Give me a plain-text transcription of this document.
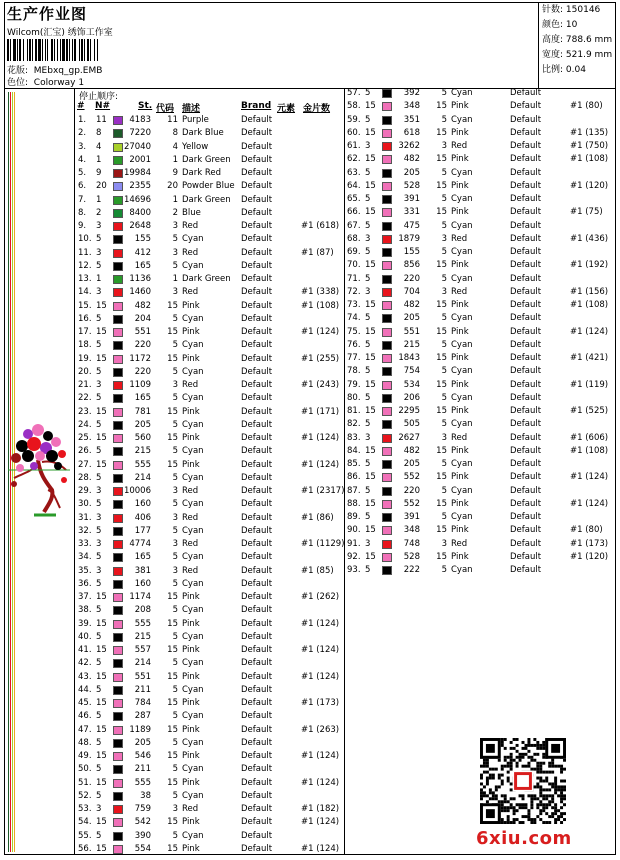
生产作业图
Wilcom(汇宝) 绣饰工作室
花版: MEbxq_gp.EMB
色位: Colorway 1
针数: 150146
颜色: 10
高度: 788.6 mm
宽度: 521.9 mm
比例: 0.04
停止顺序:
# N#	St. 代码 描述	Brand 元素 金片数
1. 11	4183	11 Purple	Default
2. 8	7220	8 Dark Blue Default
3. 4	27040	4 Yellow	Default
4. 1	2001	1 Dark Green Default
5. 9	19984	9 Dark Red Default
6. 20	2355	20 Powder Blue Default
7. 1	14696	1 Dark Green Default
8. 2	8400	2 Blue	Default
9. 3	2648	3 Red	Default	#1 (618)
10. 5	155	5 Cyan	Default
11. 3	412	3 Red	Default	#1 (87)
12. 5	165	5 Cyan	Default
13. 1	1136	1 Dark Green Default
14. 3	1460	3 Red	Default	#1 (338)
15. 15	482	15 Pink	Default	#1 (108)
16. 5	204	5 Cyan	Default
17. 15	551	15 Pink	Default	#1 (124)
18. 5	220	5 Cyan	Default
19. 15	1172	15 Pink	Default	#1 (255)
20. 5	220	5 Cyan	Default
21. 3	1109	3 Red	Default	#1 (243)
22. 5	165	5 Cyan	Default
23. 15	781	15 Pink	Default	#1 (171)
24. 5	205	5 Cyan	Default
25. 15	560	15 Pink	Default	#1 (124)
26. 5	215	5 Cyan	Default
27. 15	555	15 Pink	Default	#1 (124)
28. 5	214	5 Cyan	Default
29. 3	10006	3 Red	Default	#1 (2317)
30. 5	160	5 Cyan	Default
31. 3	406	3 Red	Default	#1 (86)
32. 5	177	5 Cyan	Default
33. 3	4774	3 Red	Default	#1 (1129)
34. 5	165	5 Cyan	Default
35. 3	381	3 Red	Default	#1 (85)
36. 5	160	5 Cyan	Default
37. 15	1174	15 Pink	Default	#1 (262)
38. 5	208	5 Cyan	Default
39. 15	555	15 Pink	Default	#1 (124)
40. 5	215	5 Cyan	Default
41. 15	557	15 Pink	Default	#1 (124)
42. 5	214	5 Cyan	Default
43. 15	551	15 Pink	Default	#1 (124)
44. 5	211	5 Cyan	Default
45. 15	784	15 Pink	Default	#1 (173)
46. 5	287	5 Cyan	Default
47. 15	1189	15 Pink	Default	#1 (263)
48. 5	205	5 Cyan	Default
49. 15	546	15 Pink	Default	#1 (124)
50. 5	211	5 Cyan	Default
51. 15	555	15 Pink	Default	#1 (124)
52. 5	38	5 Cyan	Default
53. 3	759	3 Red	Default	#1 (182)
54. 15	542	15 Pink	Default	#1 (124)
55. 5	390	5 Cyan	Default
56. 15	554	15 Pink	Default	#1 (124)
57. 5	392	5 Cyan	Default
58. 15	348	15 Pink	Default	#1 (80)
59. 5	351	5 Cyan	Default
60. 15	618	15 Pink	Default	#1 (135)
61. 3	3262	3 Red	Default	#1 (750)
62. 15	482	15 Pink	Default	#1 (108)
63. 5	205	5 Cyan	Default
64. 15	528	15 Pink	Default	#1 (120)
65. 5	391	5 Cyan	Default
66. 15	331	15 Pink	Default	#1 (75)
67. 5	475	5 Cyan	Default
68. 3	1879	3 Red	Default	#1 (436)
69. 5	155	5 Cyan	Default
70. 15	856	15 Pink	Default	#1 (192)
71. 5	220	5 Cyan	Default
72. 3	704	3 Red	Default	#1 (156)
73. 15	482	15 Pink	Default	#1 (108)
74. 5	205	5 Cyan	Default
75. 15	551	15 Pink	Default	#1 (124)
76. 5	215	5 Cyan	Default
77. 15	1843	15 Pink	Default	#1 (421)
78. 5	754	5 Cyan	Default
79. 15	534	15 Pink	Default	#1 (119)
80. 5	206	5 Cyan	Default
81. 15	2295	15 Pink	Default	#1 (525)
82. 5	505	5 Cyan	Default
83. 3	2627	3 Red	Default	#1 (606)
84. 15	482	15 Pink	Default	#1 (108)
85. 5	205	5 Cyan	Default
86. 15	552	15 Pink	Default	#1 (124)
87. 5	220	5 Cyan	Default
88. 15	552	15 Pink	Default	#1 (124)
89. 5	391	5 Cyan	Default
90. 15	348	15 Pink	Default	#1 (80)
91. 3	748	3 Red	Default	#1 (173)
92. 15	528	15 Pink	Default	#1 (120)
93. 5	222	5 Cyan	Default
6xiu.com
